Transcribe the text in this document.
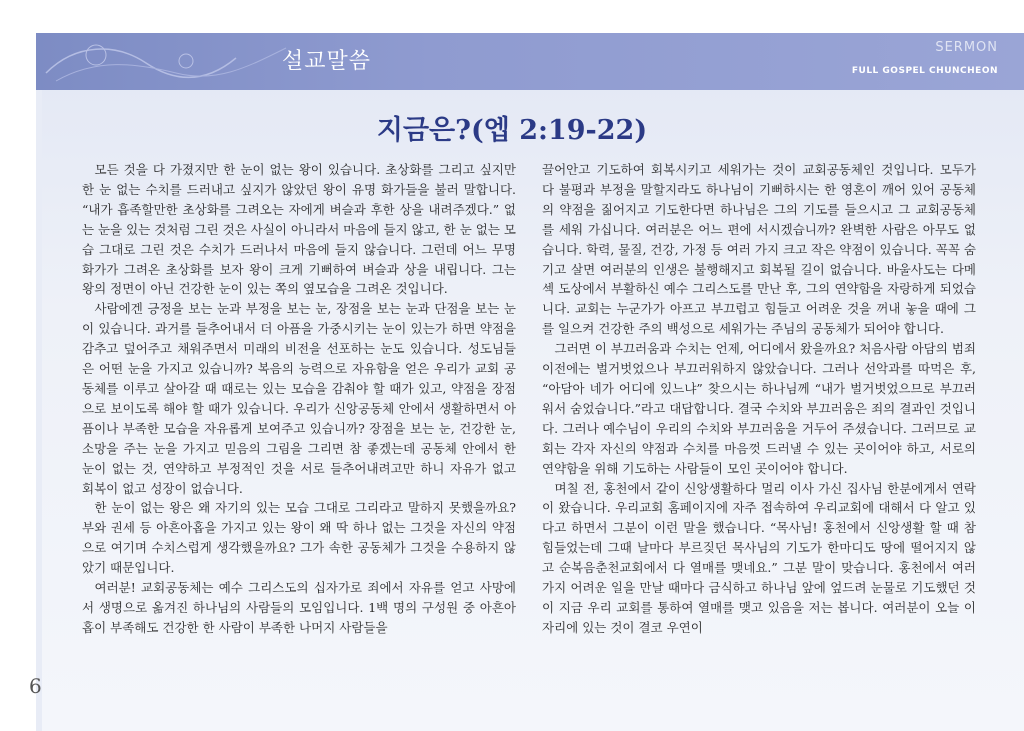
설교말씀
SERMON
FULL GOSPEL CHUNCHEON
지금은?(엡 2:19-22)

모든 것을 다 가졌지만 한 눈이 없는 왕이 있습니다. 초상화를 그리고 싶지만 한 눈 없는 수치를 드러내고 싶지가 않았던 왕이 유명 화가들을 불러 말합니다. “내가 흡족할만한 초상화를 그려오는 자에게 벼슬과 후한 상을 내려주겠다.” 없는 눈을 있는 것처럼 그린 것은 사실이 아니라서 마음에 들지 않고, 한 눈 없는 모습 그대로 그린 것은 수치가 드러나서 마음에 들지 않습니다. 그런데 어느 무명 화가가 그려온 초상화를 보자 왕이 크게 기뻐하여 벼슬과 상을 내립니다. 그는 왕의 정면이 아닌 건강한 눈이 있는 쪽의 옆모습을 그려온 것입니다.

사람에겐 긍정을 보는 눈과 부정을 보는 눈, 장점을 보는 눈과 단점을 보는 눈이 있습니다. 과거를 들추어내서 더 아픔을 가중시키는 눈이 있는가 하면 약점을 감추고 덮어주고 채워주면서 미래의 비전을 선포하는 눈도 있습니다. 성도님들은 어떤 눈을 가지고 있습니까? 복음의 능력으로 자유함을 얻은 우리가 교회 공동체를 이루고 살아갈 때 때로는 있는 모습을 감춰야 할 때가 있고, 약점을 장점으로 보이도록 해야 할 때가 있습니다. 우리가 신앙공동체 안에서 생활하면서 아픔이나 부족한 모습을 자유롭게 보여주고 있습니까? 장점을 보는 눈, 건강한 눈, 소망을 주는 눈을 가지고 믿음의 그림을 그리면 참 좋겠는데 공동체 안에서 한 눈이 없는 것, 연약하고 부정적인 것을 서로 들추어내려고만 하니 자유가 없고 회복이 없고 성장이 없습니다.

한 눈이 없는 왕은 왜 자기의 있는 모습 그대로 그리라고 말하지 못했을까요? 부와 권세 등 아흔아홉을 가지고 있는 왕이 왜 딱 하나 없는 그것을 자신의 약점으로 여기며 수치스럽게 생각했을까요? 그가 속한 공동체가 그것을 수용하지 않았기 때문입니다.

여러분! 교회공동체는 예수 그리스도의 십자가로 죄에서 자유를 얻고 사망에서 생명으로 옮겨진 하나님의 사람들의 모임입니다. 1백 명의 구성원 중 아흔아홉이 부족해도 건강한 한 사람이 부족한 나머지 사람들을

끌어안고 기도하여 회복시키고 세워가는 것이 교회공동체인 것입니다. 모두가 다 불평과 부정을 말할지라도 하나님이 기뻐하시는 한 영혼이 깨어 있어 공동체의 약점을 짊어지고 기도한다면 하나님은 그의 기도를 들으시고 그 교회공동체를 세워 가십니다. 여러분은 어느 편에 서시겠습니까? 완벽한 사람은 아무도 없습니다. 학력, 물질, 건강, 가정 등 여러 가지 크고 작은 약점이 있습니다. 꼭꼭 숨기고 살면 여러분의 인생은 불행해지고 회복될 길이 없습니다. 바울사도는 다메섹 도상에서 부활하신 예수 그리스도를 만난 후, 그의 연약함을 자랑하게 되었습니다. 교회는 누군가가 아프고 부끄럽고 힘들고 어려운 것을 꺼내 놓을 때에 그를 일으켜 건강한 주의 백성으로 세워가는 주님의 공동체가 되어야 합니다.

그러면 이 부끄러움과 수치는 언제, 어디에서 왔을까요? 처음사람 아담의 범죄 이전에는 벌거벗었으나 부끄러워하지 않았습니다. 그러나 선악과를 따먹은 후, “아담아 네가 어디에 있느냐” 찾으시는 하나님께 “내가 벌거벗었으므로 부끄러워서 숨었습니다.”라고 대답합니다. 결국 수치와 부끄러움은 죄의 결과인 것입니다. 그러나 예수님이 우리의 수치와 부끄러움을 거두어 주셨습니다. 그러므로 교회는 각자 자신의 약점과 수치를 마음껏 드러낼 수 있는 곳이어야 하고, 서로의 연약함을 위해 기도하는 사람들이 모인 곳이어야 합니다.

며칠 전, 홍천에서 같이 신앙생활하다 멀리 이사 가신 집사님 한분에게서 연락이 왔습니다. 우리교회 홈페이지에 자주 접속하여 우리교회에 대해서 다 알고 있다고 하면서 그분이 이런 말을 했습니다. “목사님! 홍천에서 신앙생활 할 때 참 힘들었는데 그때 날마다 부르짖던 목사님의 기도가 한마디도 땅에 떨어지지 않고 순복음춘천교회에서 다 열매를 맺네요.” 그분 말이 맞습니다. 홍천에서 여러 가지 어려운 일을 만날 때마다 금식하고 하나님 앞에 엎드려 눈물로 기도했던 것이 지금 우리 교회를 통하여 열매를 맺고 있음을 저는 봅니다. 여러분이 오늘 이 자리에 있는 것이 결코 우연이

6
